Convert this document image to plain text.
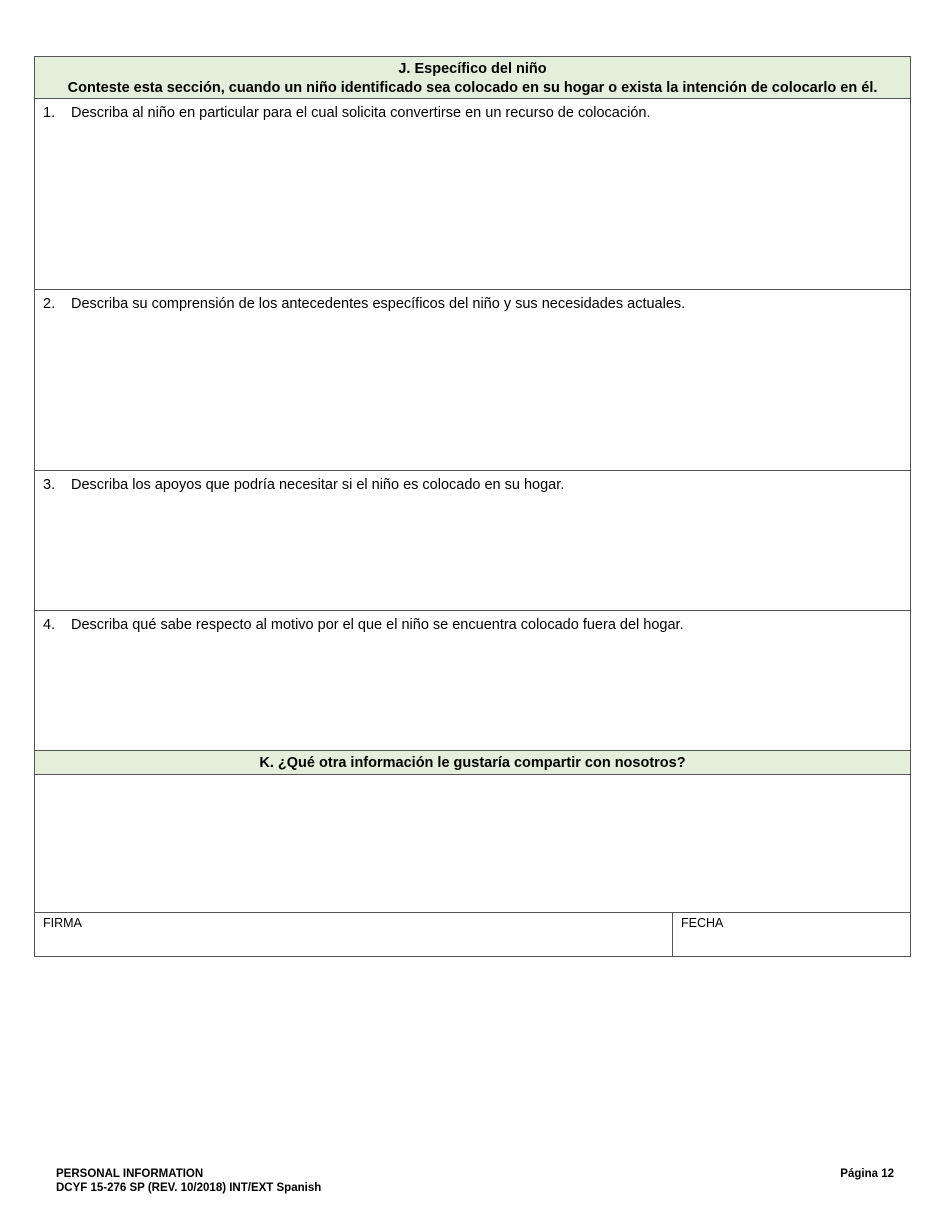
J. Específico del niño
Conteste esta sección, cuando un niño identificado sea colocado en su hogar o exista la intención de colocarlo en él.
1.	Describa al niño en particular para el cual solicita convertirse en un recurso de colocación.
2.	Describa su comprensión de los antecedentes específicos del niño y sus necesidades actuales.
3.	Describa los apoyos que podría necesitar si el niño es colocado en su hogar.
4.	Describa qué sabe respecto al motivo por el que el niño se encuentra colocado fuera del hogar.
K. ¿Qué otra información le gustaría compartir con nosotros?
FIRMA	FECHA
PERSONAL INFORMATION
DCYF 15-276 SP (REV. 10/2018) INT/EXT Spanish
Página 12
